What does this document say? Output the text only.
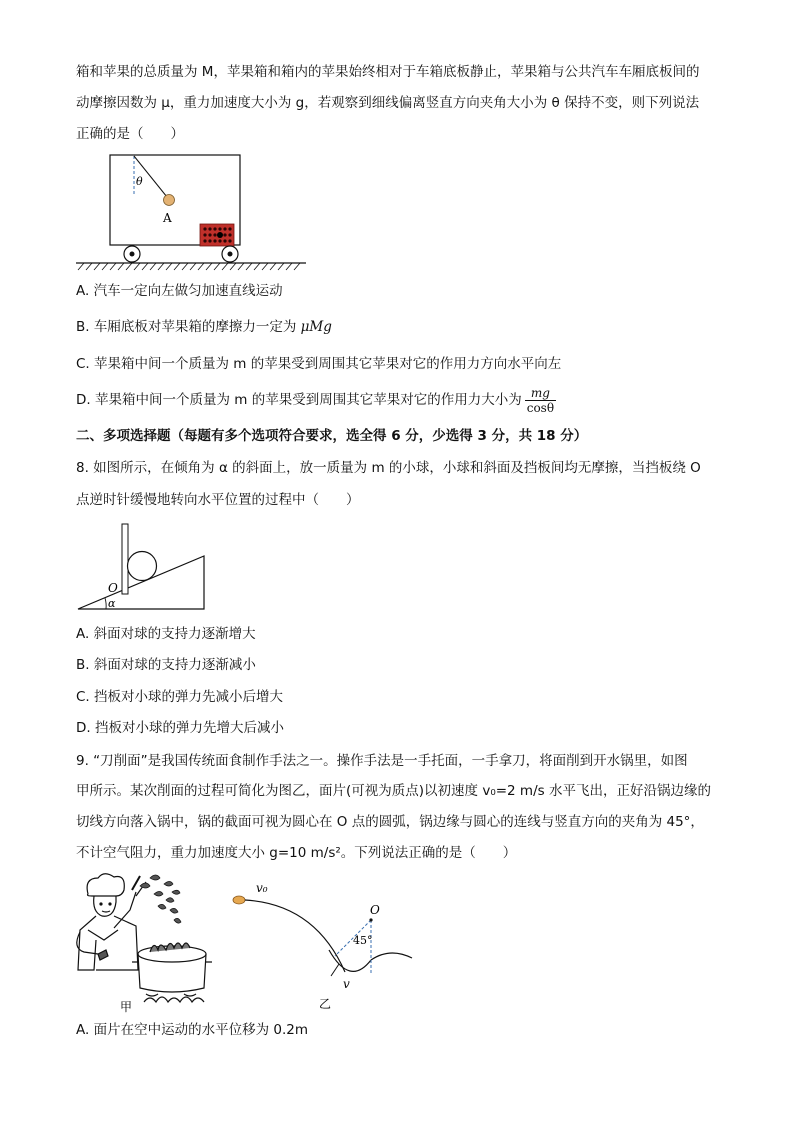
箱和苹果的总质量为 M，苹果箱和箱内的苹果始终相对于车箱底板静止，苹果箱与公共汽车车厢底板间的
动摩擦因数为 μ，重力加速度大小为 g，若观察到细线偏离竖直方向夹角大小为 θ 保持不变，则下列说法
正确的是（　　）
θ
A
A. 汽车一定向左做匀加速直线运动
B. 车厢底板对苹果箱的摩擦力一定为 μMg
C. 苹果箱中间一个质量为 m 的苹果受到周围其它苹果对它的作用力方向水平向左
D. 苹果箱中间一个质量为 m 的苹果受到周围其它苹果对它的作用力大小为 $\frac{mg}{\cos\theta}$
二、多项选择题（每题有多个选项符合要求，选全得 6 分，少选得 3 分，共 18 分）
8. 如图所示，在倾角为 α 的斜面上，放一质量为 m 的小球，小球和斜面及挡板间均无摩擦，当挡板绕 O
点逆时针缓慢地转向水平位置的过程中（　　）
O
α
A. 斜面对球的支持力逐渐增大
B. 斜面对球的支持力逐渐减小
C. 挡板对小球的弹力先减小后增大
D. 挡板对小球的弹力先增大后减小
9. “刀削面”是我国传统面食制作手法之一。操作手法是一手托面，一手拿刀，将面削到开水锅里，如图
甲所示。某次削面的过程可简化为图乙，面片(可视为质点)以初速度 v₀=2 m/s 水平飞出，正好沿锅边缘的
切线方向落入锅中，锅的截面可视为圆心在 O 点的圆弧，锅边缘与圆心的连线与竖直方向的夹角为 45°，
不计空气阻力，重力加速度大小 g=10 m/s²。下列说法正确的是（　　）
甲
v₀
O
45°
v
乙
A. 面片在空中运动的水平位移为 0.2m
